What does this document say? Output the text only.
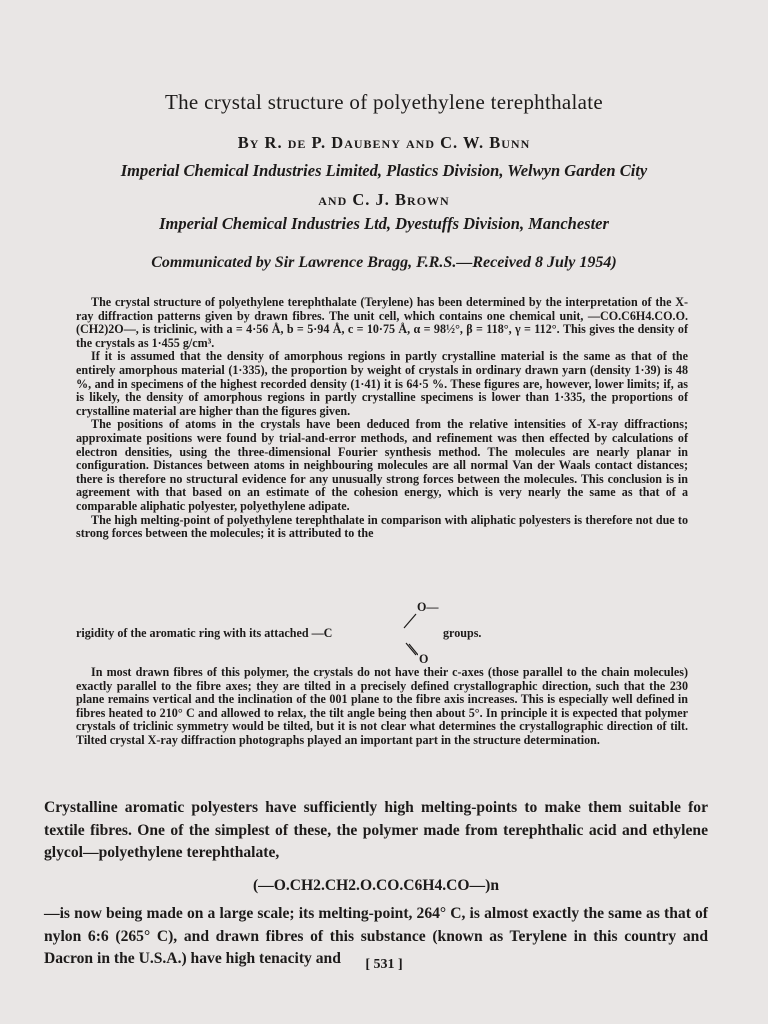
The crystal structure of polyethylene terephthalate
By R. de P. Daubeny and C. W. Bunn
Imperial Chemical Industries Limited, Plastics Division, Welwyn Garden City
and C. J. Brown
Imperial Chemical Industries Ltd, Dyestuffs Division, Manchester
Communicated by Sir Lawrence Bragg, F.R.S.—Received 8 July 1954)

The crystal structure of polyethylene terephthalate (Terylene) has been determined by the interpretation of the X-ray diffraction patterns given by drawn fibres. The unit cell, which contains one chemical unit, —CO.C6H4.CO.O.(CH2)2O—, is triclinic, with a = 4·56 Å, b = 5·94 Å, c = 10·75 Å, α = 98½°, β = 118°, γ = 112°. This gives the density of the crystals as 1·455 g/cm³.

If it is assumed that the density of amorphous regions in partly crystalline material is the same as that of the entirely amorphous material (1·335), the proportion by weight of crystals in ordinary drawn yarn (density 1·39) is 48 %, and in specimens of the highest recorded density (1·41) it is 64·5 %. These figures are, however, lower limits; if, as is likely, the density of amorphous regions in partly crystalline specimens is lower than 1·335, the proportions of crystalline material are higher than the figures given.

The positions of atoms in the crystals have been deduced from the relative intensities of X-ray diffractions; approximate positions were found by trial-and-error methods, and refinement was then effected by calculations of electron densities, using the three-dimensional Fourier synthesis method. The molecules are nearly planar in configuration. Distances between atoms in neighbouring molecules are all normal Van der Waals contact distances; there is therefore no structural evidence for any unusually strong forces between the molecules. This conclusion is in agreement with that based on an estimate of the cohesion energy, which is very nearly the same as that of a comparable aliphatic polyester, polyethylene adipate.

The high melting-point of polyethylene terephthalate in comparison with aliphatic polyesters is therefore not due to strong forces between the molecules; it is attributed to the

O—
rigidity of the aromatic ring with its attached —C	groups.
O

In most drawn fibres of this polymer, the crystals do not have their c-axes (those parallel to the chain molecules) exactly parallel to the fibre axes; they are tilted in a precisely defined crystallographic direction, such that the 230 plane remains vertical and the inclination of the 001 plane to the fibre axis increases. This is especially well defined in fibres heated to 210° C and allowed to relax, the tilt angle being then about 5°. In principle it is expected that polymer crystals of triclinic symmetry would be tilted, but it is not clear what determines the crystallographic direction of tilt. Tilted crystal X-ray diffraction photographs played an important part in the structure determination.

Crystalline aromatic polyesters have sufficiently high melting-points to make them suitable for textile fibres. One of the simplest of these, the polymer made from terephthalic acid and ethylene glycol—polyethylene terephthalate,

(—O.CH2.CH2.O.CO.C6H4.CO—)n

—is now being made on a large scale; its melting-point, 264° C, is almost exactly the same as that of nylon 6:6 (265° C), and drawn fibres of this substance (known as Terylene in this country and Dacron in the U.S.A.) have high tenacity and	[ 531 ]
